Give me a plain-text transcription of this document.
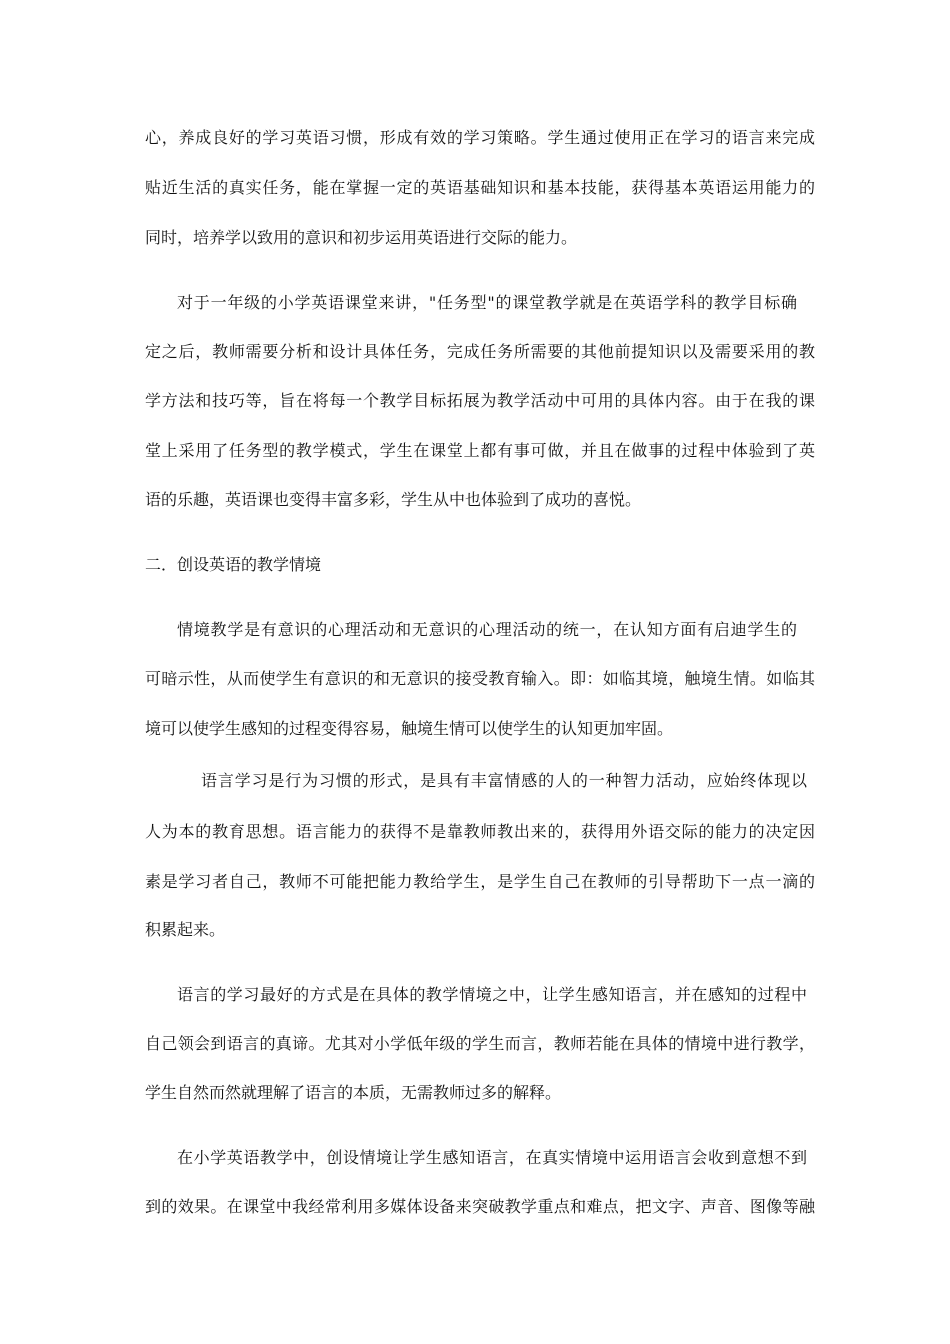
心，养成良好的学习英语习惯，形成有效的学习策略。学生通过使用正在学习的语言来完成
贴近生活的真实任务，能在掌握一定的英语基础知识和基本技能，获得基本英语运用能力的
同时，培养学以致用的意识和初步运用英语进行交际的能力。
对于一年级的小学英语课堂来讲，"任务型"的课堂教学就是在英语学科的教学目标确
定之后，教师需要分析和设计具体任务，完成任务所需要的其他前提知识以及需要采用的教
学方法和技巧等，旨在将每一个教学目标拓展为教学活动中可用的具体内容。由于在我的课
堂上采用了任务型的教学模式，学生在课堂上都有事可做，并且在做事的过程中体验到了英
语的乐趣，英语课也变得丰富多彩，学生从中也体验到了成功的喜悦。
二．创设英语的教学情境
情境教学是有意识的心理活动和无意识的心理活动的统一，在认知方面有启迪学生的
可暗示性，从而使学生有意识的和无意识的接受教育输入。即：如临其境，触境生情。如临其
境可以使学生感知的过程变得容易，触境生情可以使学生的认知更加牢固。
语言学习是行为习惯的形式，是具有丰富情感的人的一种智力活动，应始终体现以
人为本的教育思想。语言能力的获得不是靠教师教出来的，获得用外语交际的能力的决定因
素是学习者自己，教师不可能把能力教给学生，是学生自己在教师的引导帮助下一点一滴的
积累起来。
语言的学习最好的方式是在具体的教学情境之中，让学生感知语言，并在感知的过程中
自己领会到语言的真谛。尤其对小学低年级的学生而言，教师若能在具体的情境中进行教学，
学生自然而然就理解了语言的本质，无需教师过多的解释。
在小学英语教学中，创设情境让学生感知语言，在真实情境中运用语言会收到意想不到
到的效果。在课堂中我经常利用多媒体设备来突破教学重点和难点，把文字、声音、图像等融
